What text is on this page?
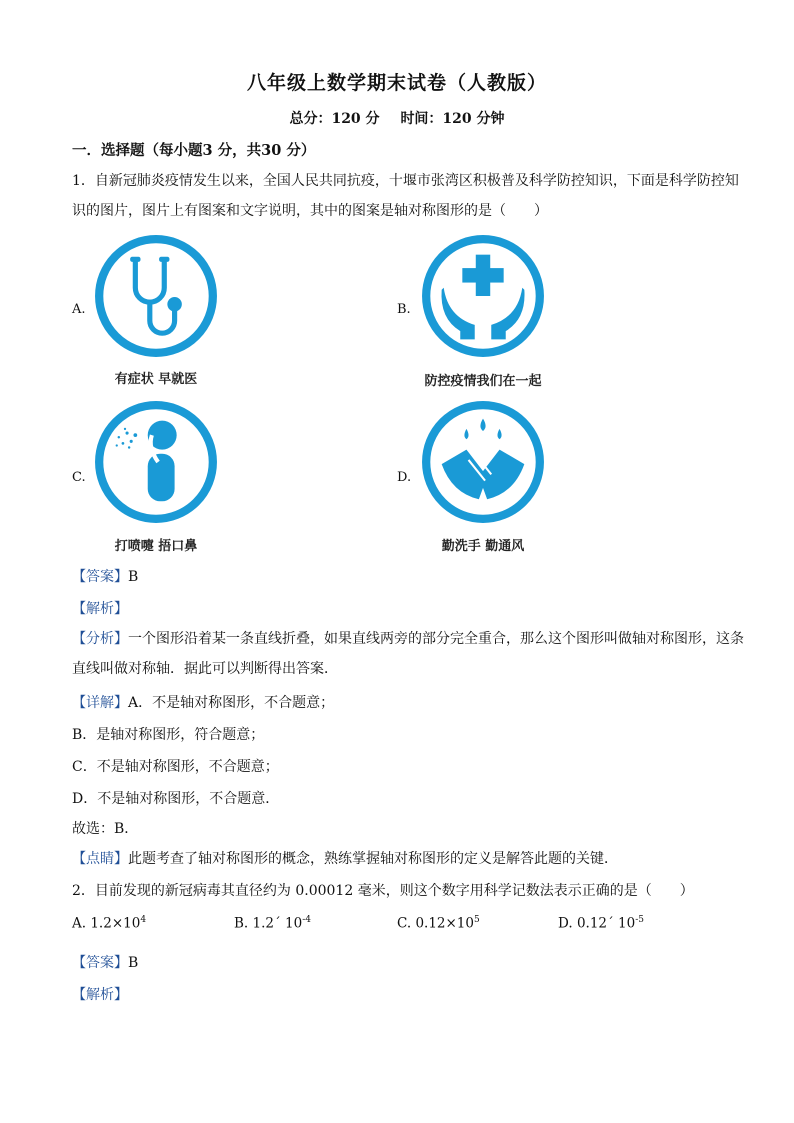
八年级上数学期末试卷（人教版）
总分：120 分 时间：120 分钟
一．选择题（每小题3 分，共30 分）
1．自新冠肺炎疫情发生以来，全国人民共同抗疫，十堰市张湾区积极普及科学防控知识，下面是科学防控知识的图片，图片上有图案和文字说明，其中的图案是轴对称图形的是（　　）
A.
有症状 早就医
B.
防控疫情我们在一起
C.
打喷嚏 捂口鼻
D.
勤洗手 勤通风
【答案】B
【解析】
【分析】一个图形沿着某一条直线折叠，如果直线两旁的部分完全重合，那么这个图形叫做轴对称图形，这条直线叫做对称轴．据此可以判断得出答案．
【详解】A．不是轴对称图形，不合题意；
B．是轴对称图形，符合题意；
C．不是轴对称图形，不合题意；
D．不是轴对称图形，不合题意．
故选：B．
【点睛】此题考查了轴对称图形的概念，熟练掌握轴对称图形的定义是解答此题的关键．
2．目前发现的新冠病毒其直径约为 0.00012 毫米，则这个数字用科学记数法表示正确的是（　　）
A. $1.2\times 10^4$	B. 1.2´ $10^{-4}$	C. $0.12\times 10^5$	D. 0.12´ $10^{-5}$
【答案】B
【解析】
